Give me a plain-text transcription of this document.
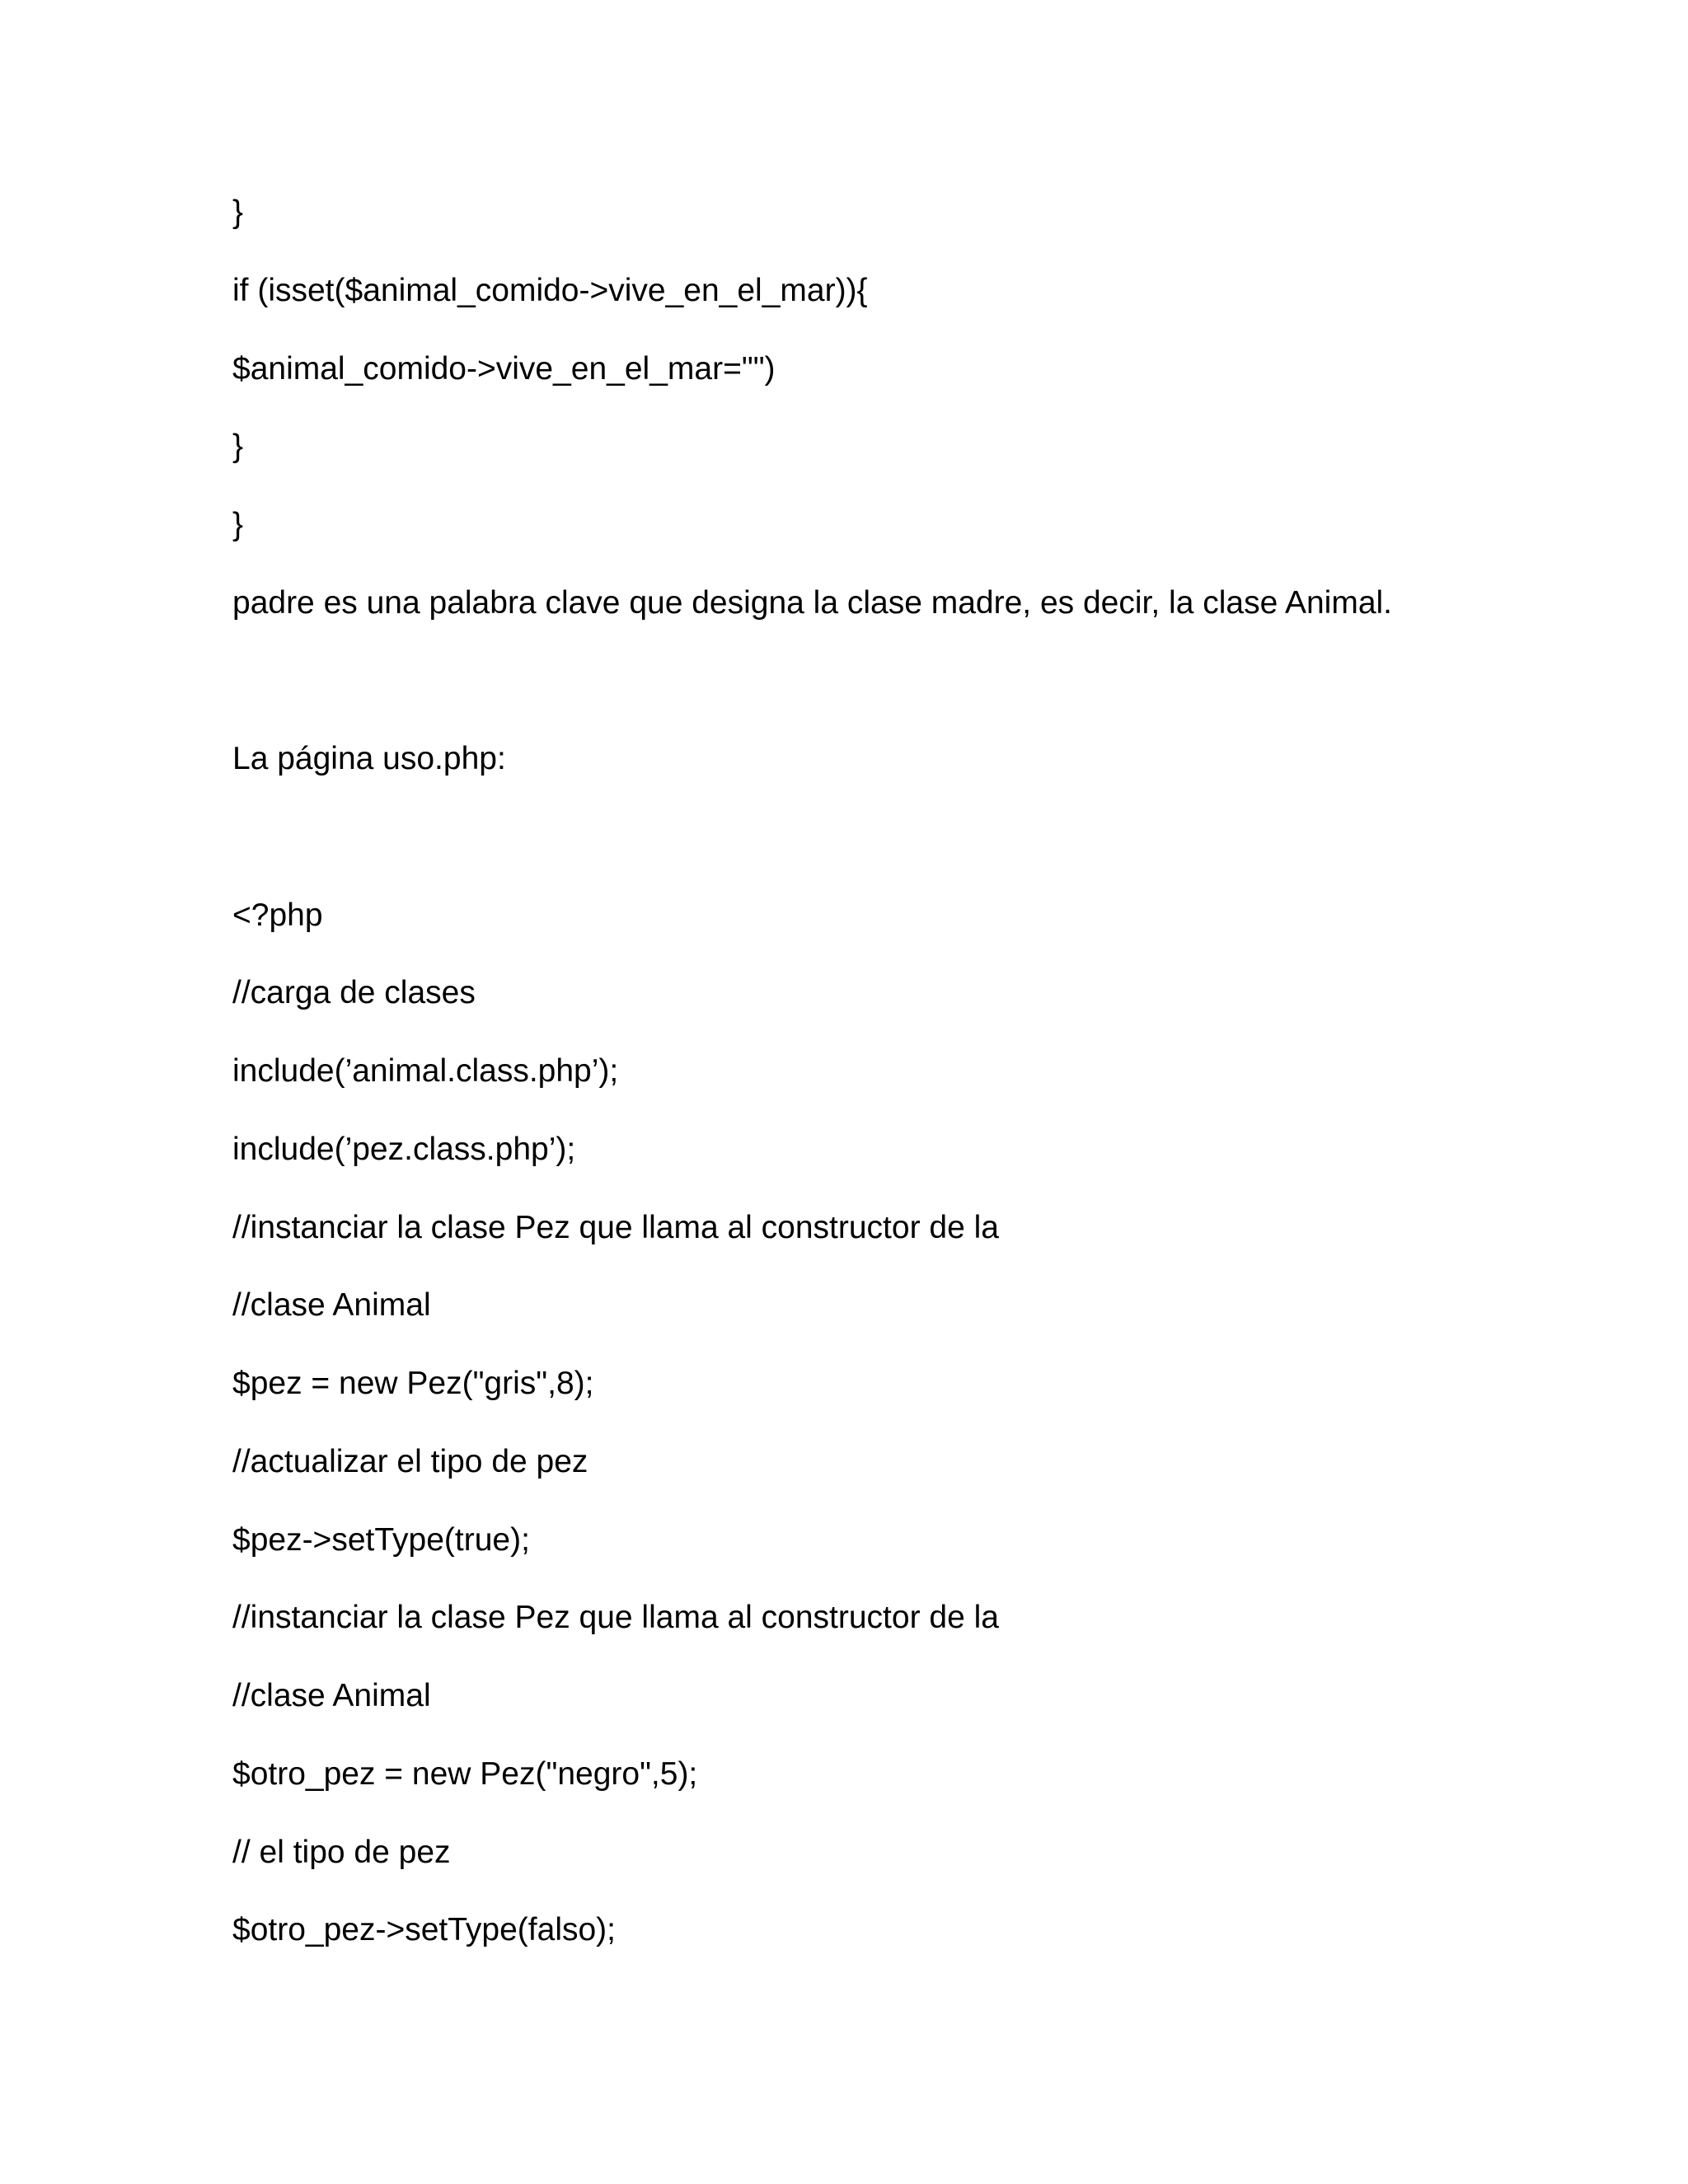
}

if (isset($animal_comido->vive_en_el_mar)){

$animal_comido->vive_en_el_mar="")

}

}

padre es una palabra clave que designa la clase madre, es decir, la clase Animal.

La página uso.php:

<?php

//carga de clases

include(’animal.class.php’);

include(’pez.class.php’);

//instanciar la clase Pez que llama al constructor de la

//clase Animal

$pez = new Pez("gris",8);

//actualizar el tipo de pez

$pez->setType(true);

//instanciar la clase Pez que llama al constructor de la

//clase Animal

$otro_pez = new Pez("negro",5);

// el tipo de pez

$otro_pez->setType(falso);
